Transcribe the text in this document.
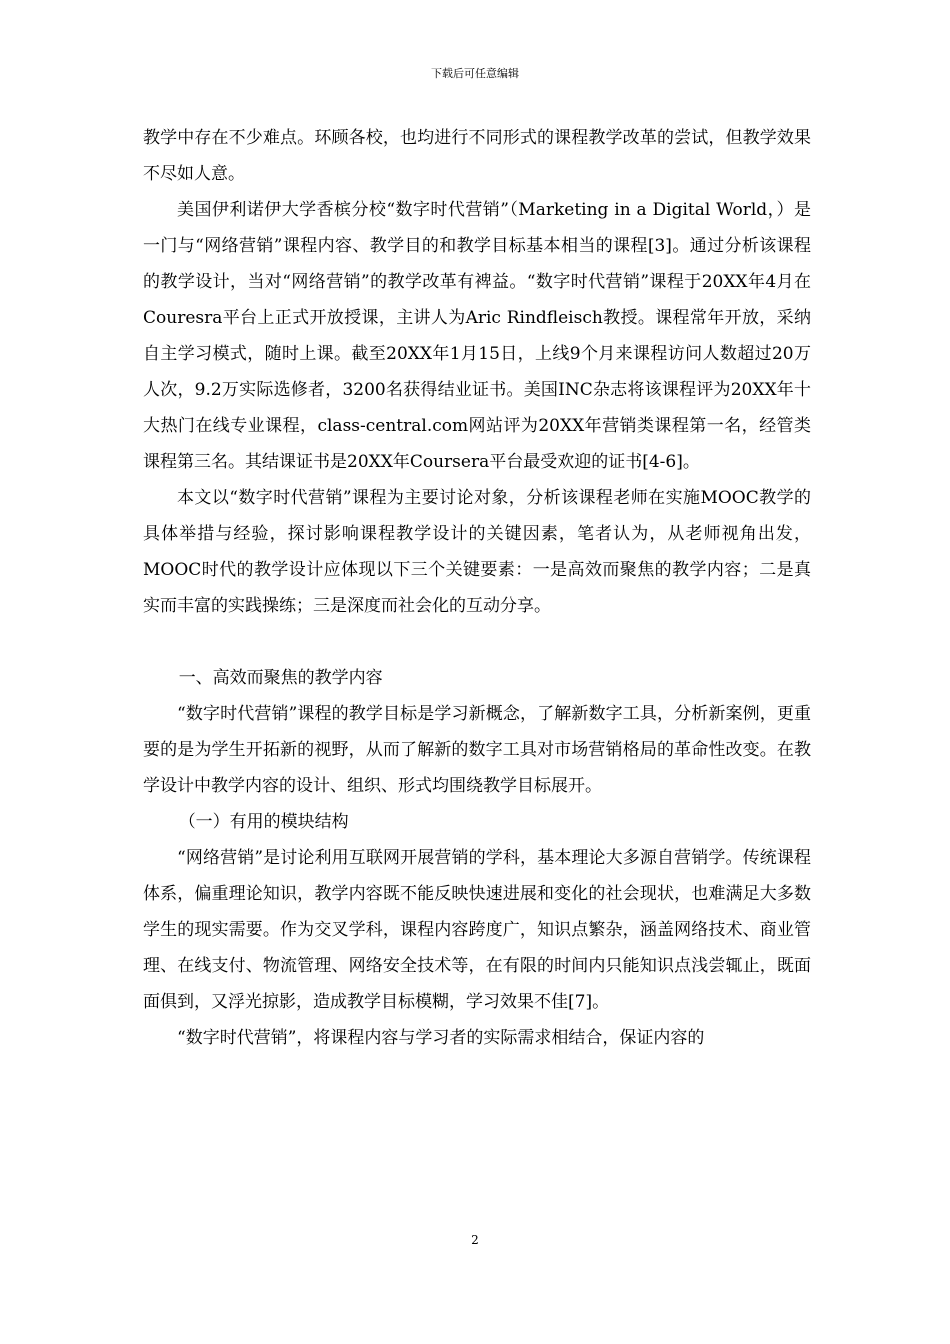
下载后可任意编辑

教学中存在不少难点。环顾各校，也均进行不同形式的课程教学改革的尝试，但教学效果不尽如人意。

美国伊利诺伊大学香槟分校“数字时代营销”（Marketing in a Digital World，）是一门与“网络营销”课程内容、教学目的和教学目标基本相当的课程[3]。通过分析该课程的教学设计，当对“网络营销”的教学改革有裨益。“数字时代营销”课程于20XX年4月在Couresra平台上正式开放授课，主讲人为Aric Rindfleisch教授。课程常年开放，采纳自主学习模式，随时上课。截至20XX年1月15日，上线9个月来课程访问人数超过20万人次，9.2万实际选修者，3200名获得结业证书。美国INC杂志将该课程评为20XX年十大热门在线专业课程，class-central.com网站评为20XX年营销类课程第一名，经管类课程第三名。其结课证书是20XX年Coursera平台最受欢迎的证书[4-6]。

本文以“数字时代营销”课程为主要讨论对象，分析该课程老师在实施MOOC教学的具体举措与经验，探讨影响课程教学设计的关键因素，笔者认为，从老师视角出发，MOOC时代的教学设计应体现以下三个关键要素：一是高效而聚焦的教学内容；二是真实而丰富的实践操练；三是深度而社会化的互动分享。

一、高效而聚焦的教学内容

“数字时代营销”课程的教学目标是学习新概念，了解新数字工具，分析新案例，更重要的是为学生开拓新的视野，从而了解新的数字工具对市场营销格局的革命性改变。在教学设计中教学内容的设计、组织、形式均围绕教学目标展开。

（一）有用的模块结构

“网络营销”是讨论利用互联网开展营销的学科，基本理论大多源自营销学。传统课程体系，偏重理论知识，教学内容既不能反映快速进展和变化的社会现状，也难满足大多数学生的现实需要。作为交叉学科，课程内容跨度广，知识点繁杂，涵盖网络技术、商业管理、在线支付、物流管理、网络安全技术等，在有限的时间内只能知识点浅尝辄止，既面面俱到，又浮光掠影，造成教学目标模糊，学习效果不佳[7]。

“数字时代营销”，将课程内容与学习者的实际需求相结合，保证内容的

2
